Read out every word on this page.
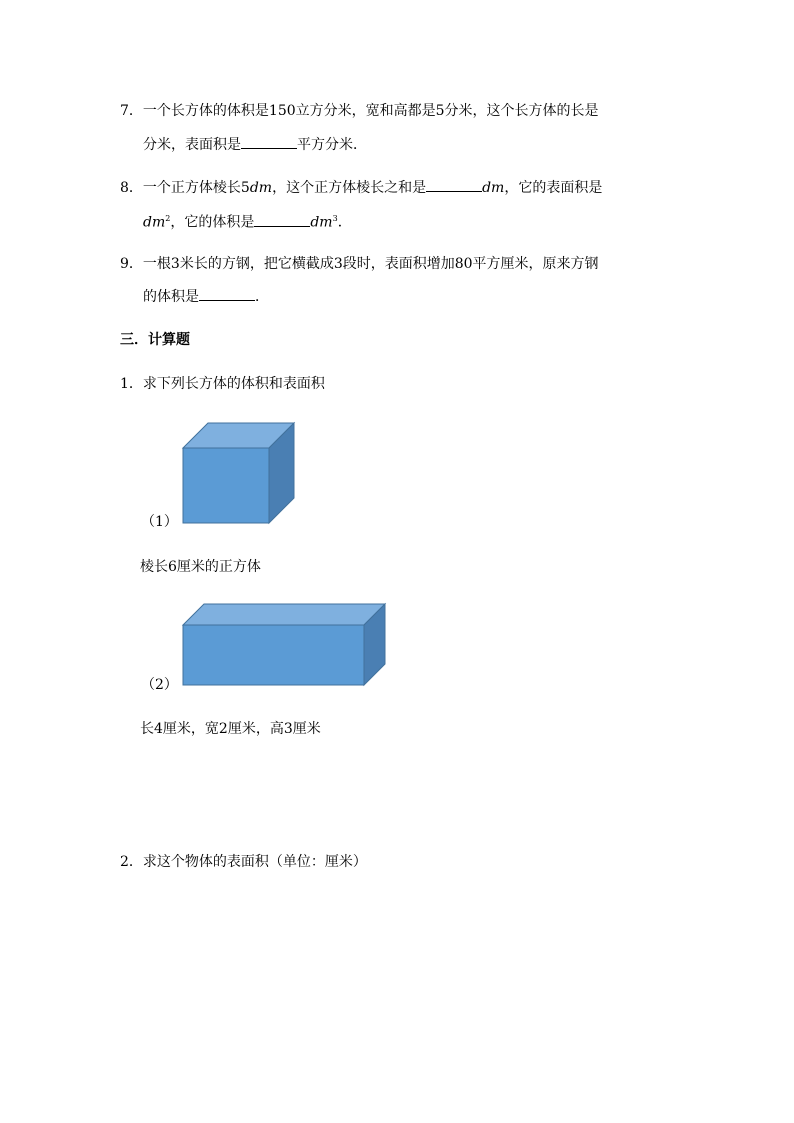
7．一个长方体的体积是150立方分米，宽和高都是5分米，这个长方体的长是
分米，表面积是	平方分米．
8．一个正方体棱长5dm，这个正方体棱长之和是	dm，它的表面积是
$dm^2$，它的体积是	$dm^3$．
9．一根3米长的方钢，把它横截成3段时，表面积增加80平方厘米，原来方钢
的体积是	．
三．计算题
1．求下列长方体的体积和表面积
（1）
棱长6厘米的正方体
（2）
长4厘米，宽2厘米，高3厘米
2．求这个物体的表面积（单位：厘米）
